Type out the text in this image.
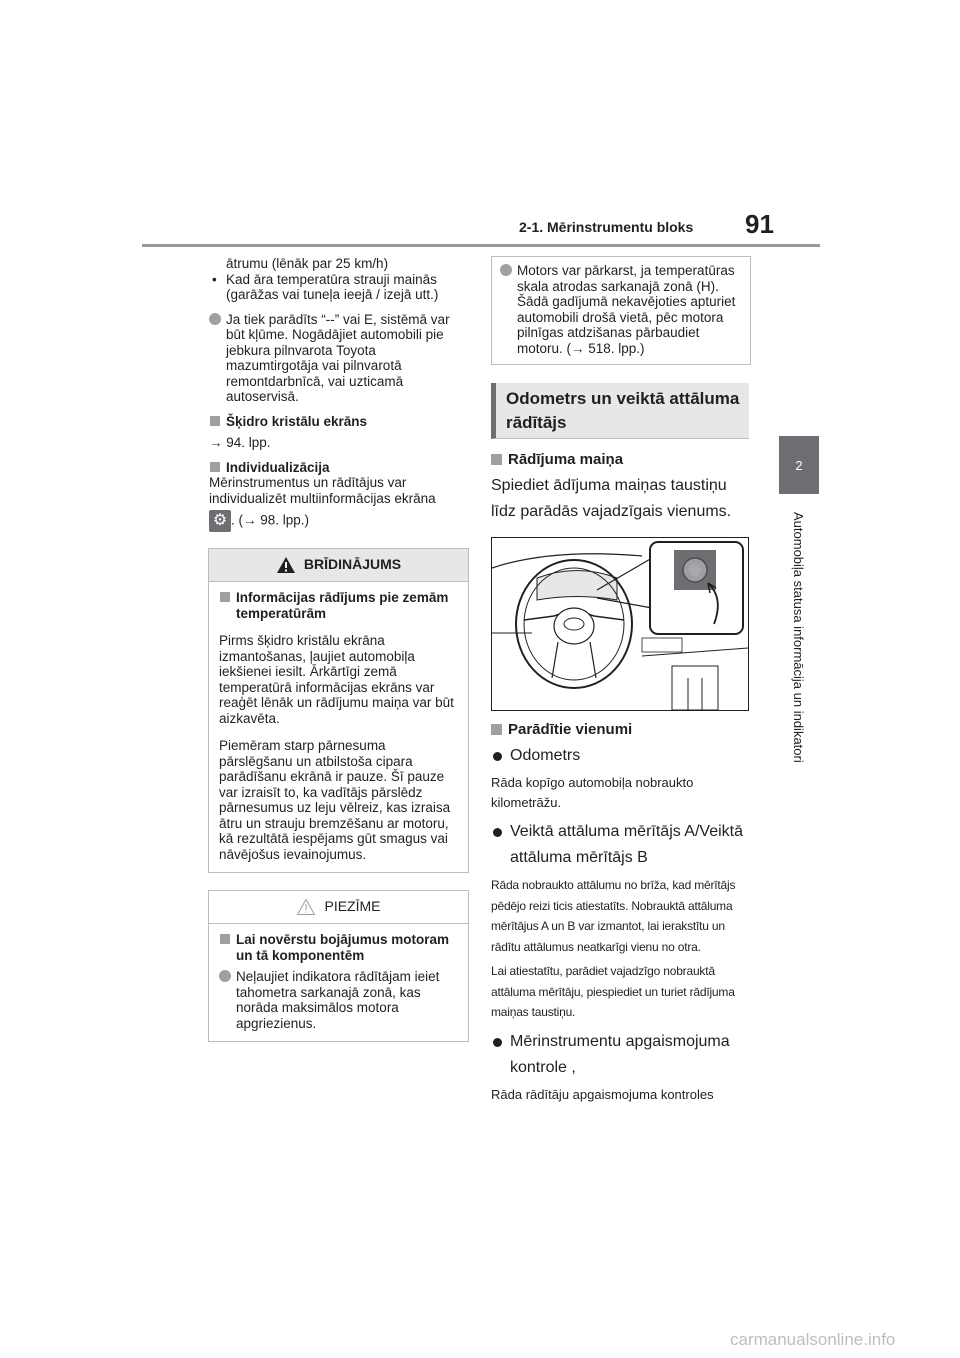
2-1. Mērinstrumentu bloks 91
2
Automobiļa statusa informācija un indikatori

ātrumu (lēnāk par 25 km/h)

• Kad āra temperatūra strauji mainās (garāžas vai tuneļa ieejā / izejā utt.)
Ja tiek parādīts “--” vai E, sistēmā var būt kļūme. Nogādājiet automobili pie jebkura pilnvarota Toyota mazumtirgotāja vai pilnvarotā remontdarbnīcā, vai uzticamā autoservisā.
Šķidro kristālu ekrāns

→ 94. lpp.

Individualizācija

Mērinstrumentus un rādītājus var individualizēt multiinformācijas ekrāna

⚙ . (→ 98. lpp.)

BRĪDINĀJUMS
Informācijas rādījums pie zemām temperatūrām

Pirms šķidro kristālu ekrāna izmantošanas, ļaujiet automobiļa iekšienei iesilt. Ārkārtīgi zemā temperatūrā informācijas ekrāns var reaģēt lēnāk un rādījumu maiņa var būt aizkavēta.

Piemēram starp pārnesuma pārslēgšanu un atbilstoša cipara parādīšanu ekrānā ir pauze. Šī pauze var izraisīt to, ka vadītājs pārslēdz pārnesumus uz leju vēlreiz, kas izraisa ātru un strauju bremzēšanu ar motoru, kā rezultātā iespējams gūt smagus vai nāvējošus ievainojumus.

PIEZĪME
Lai novērstu bojājumus motoram un tā komponentēm
Neļaujiet indikatora rādītājam ieiet tahometra sarkanajā zonā, kas norāda maksimālos motora apgriezienus.
Motors var pārkarst, ja temperatūras skala atrodas sarkanajā zonā (H). Šādā gadījumā nekavējoties apturiet automobili drošā vietā, pēc motora pilnīgas atdzišanas pārbaudiet motoru. (→ 518. lpp.)
Odometrs un veiktā attāluma rādītājs
Rādījuma maiņa

Spiediet ādījuma maiņas taustiņu līdz parādās vajadzīgais vienums.

Parādītie vienumi
Odometrs

Rāda kopīgo automobiļa nobraukto kilometrāžu.

Veiktā attāluma mērītājs A/Veiktā attāluma mērītājs B

Rāda nobraukto attālumu no brīža, kad mērītājs pēdējo reizi ticis atiestatīts. Nobrauktā attāluma mērītājus A un B var izmantot, lai ierakstītu un rādītu attālumus neatkarīgi vienu no otra.

Lai atiestatītu, parādiet vajadzīgo nobrauktā attāluma mērītāju, piespiediet un turiet rādījuma maiņas taustiņu.

Mērinstrumentu apgaismojuma kontrole ,

Rāda rādītāju apgaismojuma kontroles

carmanualsonline.info
